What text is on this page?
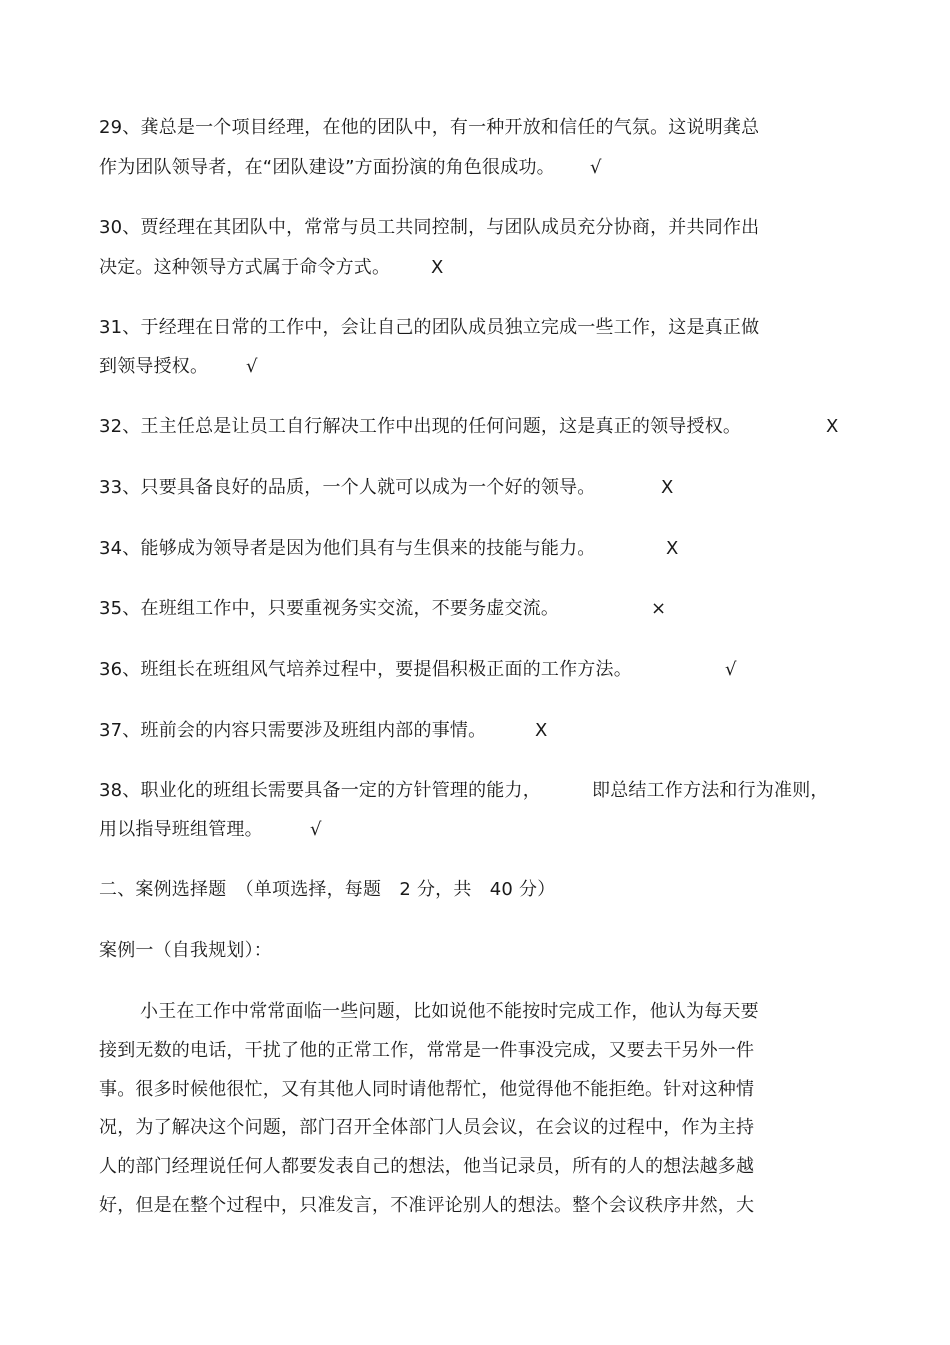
29、龚总是一个项目经理，在他的团队中，有一种开放和信任的气氛。这说明龚总
作为团队领导者，在“团队建设”方面扮演的角色很成功。 √
30、贾经理在其团队中，常常与员工共同控制，与团队成员充分协商，并共同作出
决定。这种领导方式属于命令方式。 X
31、于经理在日常的工作中，会让自己的团队成员独立完成一些工作，这是真正做
到领导授权。 √
32、王主任总是让员工自行解决工作中出现的任何问题，这是真正的领导授权。	X
33、只要具备良好的品质，一个人就可以成为一个好的领导。	X
34、能够成为领导者是因为他们具有与生俱来的技能与能力。	X
35、在班组工作中，只要重视务实交流，不要务虚交流。	×
36、班组长在班组风气培养过程中，要提倡积极正面的工作方法。	√
37、班前会的内容只需要涉及班组内部的事情。	X
38、职业化的班组长需要具备一定的方针管理的能力，	即总结工作方法和行为准则，
用以指导班组管理。	√
二、案例选择题　（单项选择，每题　2 分，共　40 分）
案例一（自我规划）：
小王在工作中常常面临一些问题，比如说他不能按时完成工作，他认为每天要
接到无数的电话，干扰了他的正常工作，常常是一件事没完成，又要去干另外一件
事。很多时候他很忙，又有其他人同时请他帮忙，他觉得他不能拒绝。针对这种情
况，为了解决这个问题，部门召开全体部门人员会议，在会议的过程中，作为主持
人的部门经理说任何人都要发表自己的想法，他当记录员，所有的人的想法越多越
好，但是在整个过程中，只准发言，不准评论别人的想法。整个会议秩序井然，大
